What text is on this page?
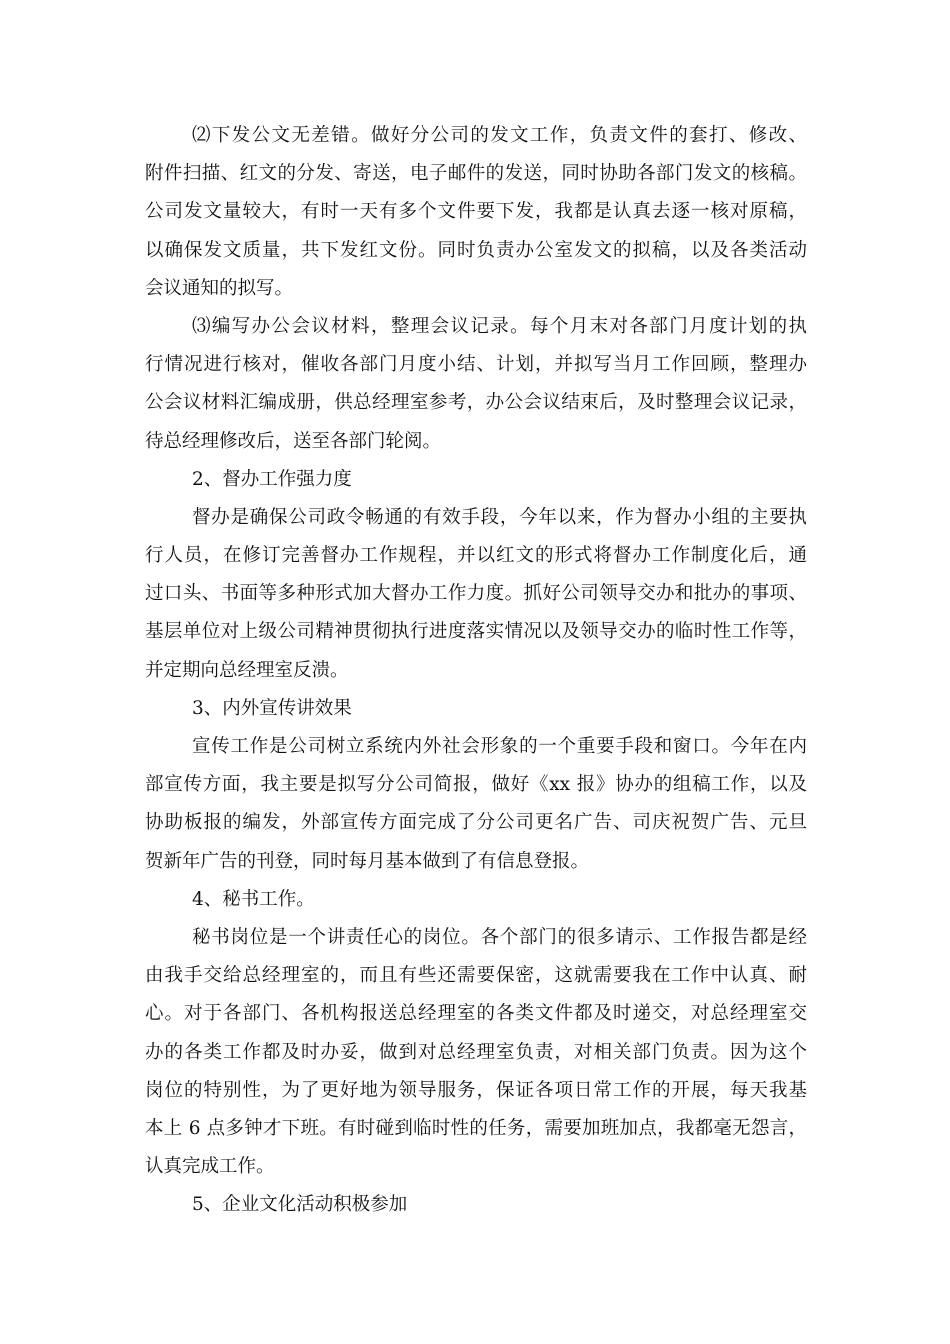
⑵下发公文无差错。做好分公司的发文工作，负责文件的套打、修改、
附件扫描、红文的分发、寄送，电子邮件的发送，同时协助各部门发文的核稿。
公司发文量较大，有时一天有多个文件要下发，我都是认真去逐一核对原稿，
以确保发文质量，共下发红文份。同时负责办公室发文的拟稿，以及各类活动
会议通知的拟写。
⑶编写办公会议材料，整理会议记录。每个月末对各部门月度计划的执
行情况进行核对，催收各部门月度小结、计划，并拟写当月工作回顾，整理办
公会议材料汇编成册，供总经理室参考，办公会议结束后，及时整理会议记录，
待总经理修改后，送至各部门轮阅。
2、督办工作强力度
督办是确保公司政令畅通的有效手段，今年以来，作为督办小组的主要执
行人员，在修订完善督办工作规程，并以红文的形式将督办工作制度化后，通
过口头、书面等多种形式加大督办工作力度。抓好公司领导交办和批办的事项、
基层单位对上级公司精神贯彻执行进度落实情况以及领导交办的临时性工作等，
并定期向总经理室反溃。
3、内外宣传讲效果
宣传工作是公司树立系统内外社会形象的一个重要手段和窗口。今年在内
部宣传方面，我主要是拟写分公司简报，做好《xx 报》协办的组稿工作，以及
协助板报的编发，外部宣传方面完成了分公司更名广告、司庆祝贺广告、元旦
贺新年广告的刊登，同时每月基本做到了有信息登报。
4、秘书工作。
秘书岗位是一个讲责任心的岗位。各个部门的很多请示、工作报告都是经
由我手交给总经理室的，而且有些还需要保密，这就需要我在工作中认真、耐
心。对于各部门、各机构报送总经理室的各类文件都及时递交，对总经理室交
办的各类工作都及时办妥，做到对总经理室负责，对相关部门负责。因为这个
岗位的特别性，为了更好地为领导服务，保证各项日常工作的开展，每天我基
本上 6 点多钟才下班。有时碰到临时性的任务，需要加班加点，我都毫无怨言，
认真完成工作。
5、企业文化活动积极参加
